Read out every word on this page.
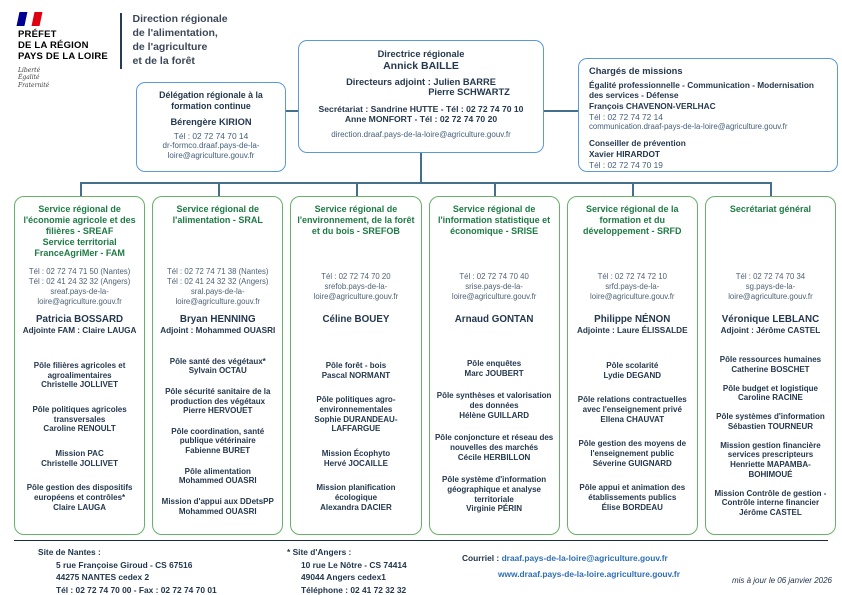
PRÉFET
DE LA RÉGION
PAYS DE LA LOIRE
Liberté
Égalité
Fraternité
Direction régionale
de l'alimentation,
de l'agriculture
et de la forêt
Directrice régionale
Annick BAILLE
Directeurs adjoint : Julien BARRE
Pierre SCHWARTZ
Secrétariat : Sandrine HUTTE - Tél : 02 72 74 70 10
Anne MONFORT - Tél : 02 72 74 70 20
direction.draaf.pays-de-la-loire@agriculture.gouv.fr
Délégation régionale à la formation continue
Bérengère KIRION
Tél : 02 72 74 70 14
dr-formco.draaf.pays-de-la-loire@agriculture.gouv.fr
Chargés de missions
Égalité professionnelle - Communication - Modernisation des services - Défense
François CHAVENON-VERLHAC
Tél : 02 72 74 72 14
communication.draaf-pays-de-la-loire@agriculture.gouv.fr
Conseiller de prévention
Xavier HIRARDOT
Tél : 02 72 74 70 19
Service régional de l'économie agricole et des filières - SREAF
Service territorial FranceAgriMer - FAM
Tél : 02 72 74 71 50 (Nantes)
Tél : 02 41 24 32 32 (Angers)
sreaf.pays-de-la-loire@agriculture.gouv.fr
Patricia BOSSARD
Adjointe FAM : Claire LAUGA
Pôle filières agricoles et agroalimentaires
Christelle JOLLIVET
Pôle politiques agricoles transversales
Caroline RENOULT
Mission PAC
Christelle JOLLIVET
Pôle gestion des dispositifs européens et contrôles*
Claire LAUGA
Service régional de l'alimentation - SRAL
Tél : 02 72 74 71 38 (Nantes)
Tél : 02 41 24 32 32 (Angers)
sral.pays-de-la-loire@agriculture.gouv.fr
Bryan HENNING
Adjoint : Mohammed OUASRI
Pôle santé des végétaux*
Sylvain OCTAU
Pôle sécurité sanitaire de la production des végétaux
Pierre HERVOUET
Pôle coordination, santé publique vétérinaire
Fabienne BURET
Pôle alimentation
Mohammed OUASRI
Mission d'appui aux DDetsPP
Mohammed OUASRI
Service régional de l'environnement, de la forêt et du bois - SREFOB
Tél : 02 72 74 70 20
srefob.pays-de-la-loire@agriculture.gouv.fr
Céline BOUEY
Pôle forêt - bois
Pascal NORMANT
Pôle politiques agro-environnementales
Sophie DURANDEAU-LAFFARGUE
Mission Écophyto
Hervé JOCAILLE
Mission planification écologique
Alexandra DACIER
Service régional de l'information statistique et économique - SRISE
Tél : 02 72 74 70 40
srise.pays-de-la-loire@agriculture.gouv.fr
Arnaud GONTAN
Pôle enquêtes
Marc JOUBERT
Pôle synthèses et valorisation des données
Hélène GUILLARD
Pôle conjoncture et réseau des nouvelles des marchés
Cécile HERBILLON
Pôle système d'information géographique et analyse territoriale
Virginie PÉRIN
Service régional de la formation et du développement - SRFD
Tél : 02 72 74 72 10
srfd.pays-de-la-loire@agriculture.gouv.fr
Philippe NÉNON
Adjointe : Laure ÉLISSALDE
Pôle scolarité
Lydie DEGAND
Pôle relations contractuelles avec l'enseignement privé
Ellena CHAUVAT
Pôle gestion des moyens de l'enseignement public
Séverine GUIGNARD
Pôle appui et animation des établissements publics
Élise BORDEAU
Secrétariat général
Tél : 02 72 74 70 34
sg.pays-de-la-loire@agriculture.gouv.fr
Véronique LEBLANC
Adjoint : Jérôme CASTEL
Pôle ressources humaines
Catherine BOSCHET
Pôle budget et logistique
Caroline RACINE
Pôle systèmes d'information
Sébastien TOURNEUR
Mission gestion financière services prescripteurs
Henriette MAPAMBA-BOHIMOUÉ
Mission Contrôle de gestion - Contrôle interne financier
Jérôme CASTEL
Site de Nantes :
5 rue Françoise Giroud - CS 67516
44275 NANTES cedex 2
Tél : 02 72 74 70 00 - Fax : 02 72 74 70 01
* Site d'Angers :
10 rue Le Nôtre - CS 74414
49044 Angers cedex1
Téléphone : 02 41 72 32 32
Courriel : draaf.pays-de-la-loire@agriculture.gouv.fr
www.draaf.pays-de-la-loire.agriculture.gouv.fr
mis à jour le 06 janvier 2026
